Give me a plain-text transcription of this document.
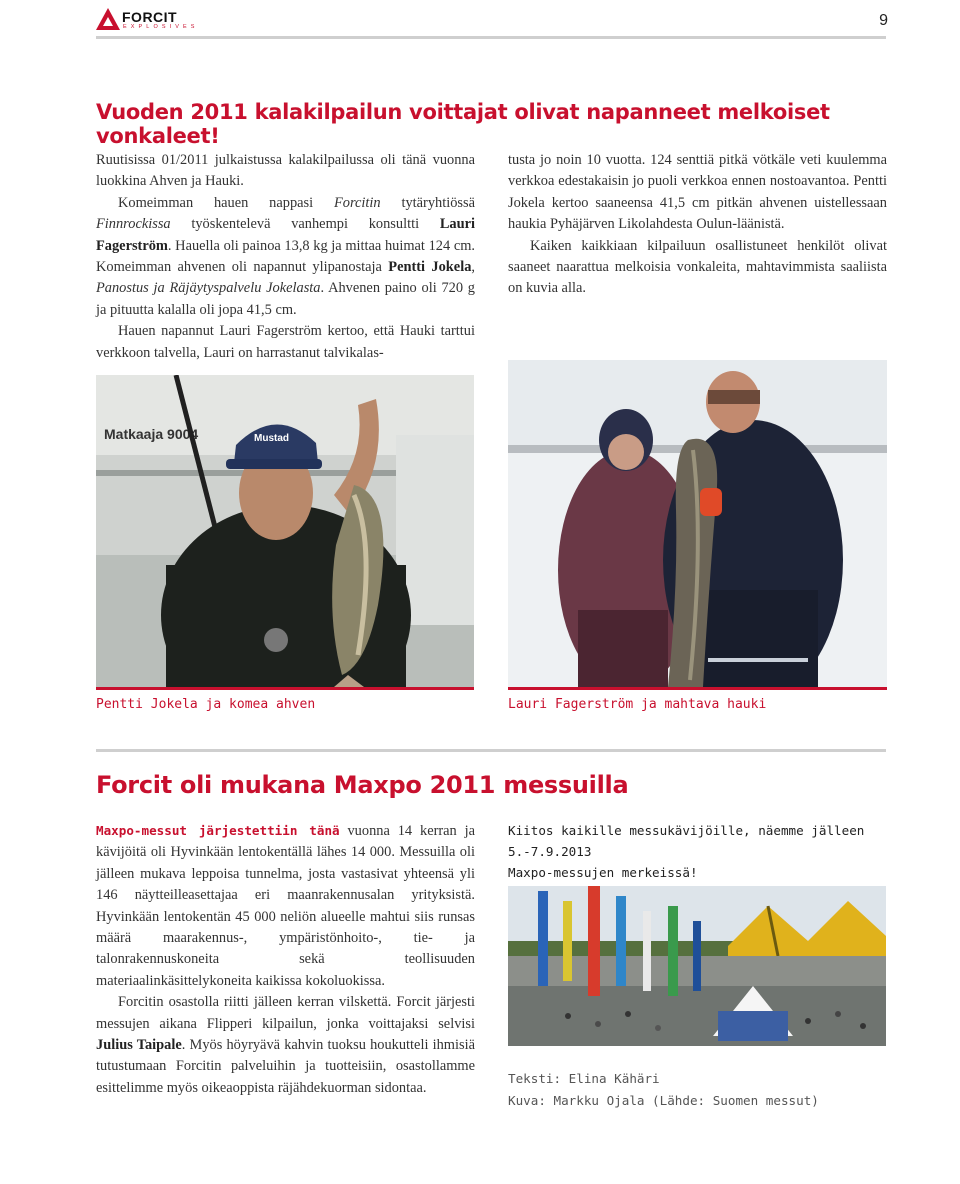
FORCIT
EXPLOSIVES	9
Vuoden 2011 kalakilpailun voittajat olivat napanneet melkoiset vonkaleet!

Ruutisissa 01/2011 julkaistussa kalakilpailussa oli tänä vuonna luokkina Ahven ja Hauki.

Komeimman hauen nappasi Forcitin tytäryhtiössä Finnrockissa työskentelevä vanhempi konsultti Lauri Fagerström. Hauella oli painoa 13,8 kg ja mittaa huimat 124 cm. Komeimman ahvenen oli napannut ylipanostaja Pentti Jokela, Panostus ja Räjäytyspalvelu Jokelasta. Ahvenen paino oli 720 g ja pituutta kalalla oli jopa 41,5 cm.

Hauen napannut Lauri Fagerström kertoo, että Hauki tarttui verkkoon talvella, Lauri on harrastanut talvikalas-

tusta jo noin 10 vuotta. 124 senttiä pitkä vötkäle veti kuulemma verkkoa edestakaisin jo puoli verkkoa ennen nostoavantoa. Pentti Jokela kertoo saaneensa 41,5 cm pitkän ahvenen uistellessaan haukia Pyhäjärven Likolahdesta Oulun-läänistä.

Kaiken kaikkiaan kilpailuun osallistuneet henkilöt olivat saaneet naarattua melkoisia vonkaleita, mahtavimmista saaliista on kuvia alla.

Matkaaja 9004	Mustad
Pentti Jokela ja komea ahven	Lauri Fagerström ja mahtava hauki
Forcit oli mukana Maxpo 2011 messuilla

Maxpo-messut järjestettiin tänä vuonna 14 kerran ja kävijöitä oli Hyvinkään lentokentällä lähes 14 000. Messuilla oli jälleen mukava leppoisa tunnelma, josta vastasivat yhteensä yli 146 näytteilleasettajaa eri maanrakennusalan yrityksistä. Hyvinkään lentokentän 45 000 neliön alueelle mahtui siis runsas määrä maarakennus-, ympäristönhoito-, tie- ja talonrakennuskoneita sekä teollisuuden materiaalinkäsittelykoneita kaikissa kokoluokissa.

Forcitin osastolla riitti jälleen kerran vilskettä. Forcit järjesti messujen aikana Flipperi kilpailun, jonka voittajaksi selvisi Julius Taipale. Myös höyryävä kahvin tuoksu houkutteli ihmisiä tutustumaan Forcitin palveluihin ja tuotteisiin, osastollamme esittelimme myös oikeaoppista räjähdekuorman sidontaa.

Kiitos kaikille messukävijöille, näemme jälleen 5.-7.9.2013
Maxpo-messujen merkeissä!
Teksti: Elina Kähäri
Kuva: Markku Ojala (Lähde: Suomen messut)
